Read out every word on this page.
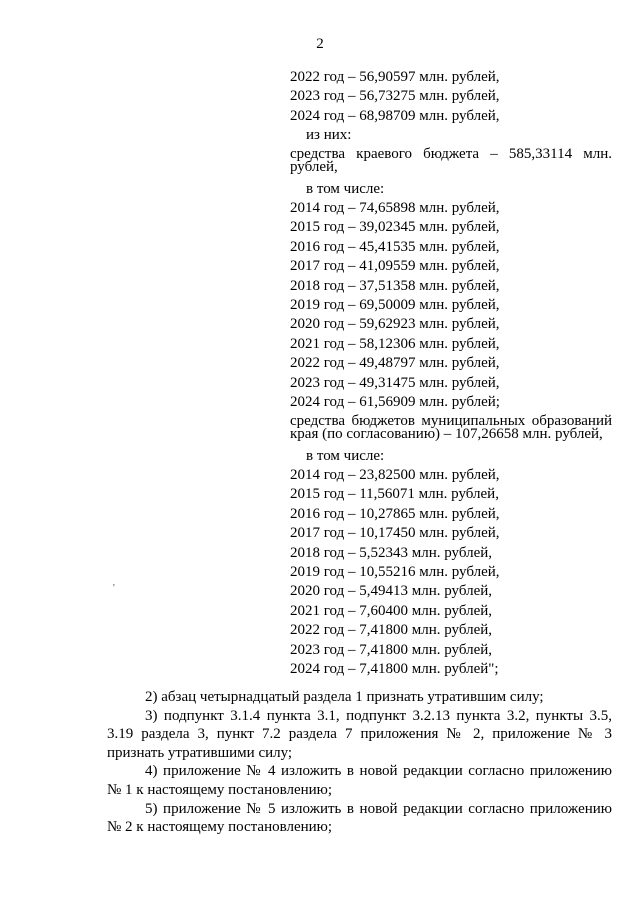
2
2022 год – 56,90597 млн. рублей,
2023 год – 56,73275 млн. рублей,
2024 год – 68,98709 млн. рублей,
из них:
средства краевого бюджета – 585,33114 млн. рублей,
в том числе:
2014 год – 74,65898 млн. рублей,
2015 год – 39,02345 млн. рублей,
2016 год – 45,41535 млн. рублей,
2017 год – 41,09559 млн. рублей,
2018 год – 37,51358 млн. рублей,
2019 год – 69,50009 млн. рублей,
2020 год – 59,62923 млн. рублей,
2021 год – 58,12306 млн. рублей,
2022 год – 49,48797 млн. рублей,
2023 год – 49,31475 млн. рублей,
2024 год – 61,56909 млн. рублей;
средства бюджетов муниципальных образований края (по согласованию) – 107,26658 млн. рублей,
в том числе:
2014 год – 23,82500 млн. рублей,
2015 год – 11,56071 млн. рублей,
2016 год – 10,27865 млн. рублей,
2017 год – 10,17450 млн. рублей,
2018 год – 5,52343 млн. рублей,
2019 год – 10,55216 млн. рублей,
2020 год – 5,49413 млн. рублей,
2021 год – 7,60400 млн. рублей,
2022 год – 7,41800 млн. рублей,
2023 год – 7,41800 млн. рублей,
2024 год – 7,41800 млн. рублей";
'

2) абзац четырнадцатый раздела 1 признать утратившим силу;

3) подпункт 3.1.4 пункта 3.1, подпункт 3.2.13 пункта 3.2, пункты 3.5, 3.19 раздела 3, пункт 7.2 раздела 7 приложения № 2, приложение № 3 признать утратившими силу;

4) приложение № 4 изложить в новой редакции согласно приложению № 1 к настоящему постановлению;

5) приложение № 5 изложить в новой редакции согласно приложению № 2 к настоящему постановлению;
